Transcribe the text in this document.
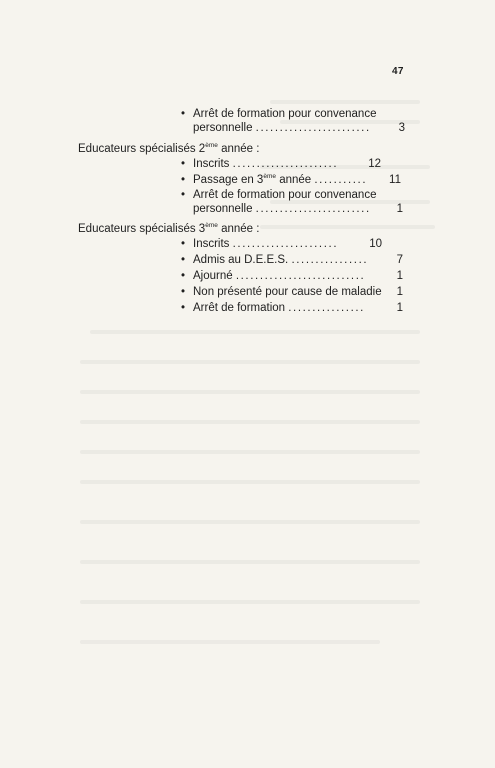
47
• Arrêt de formation pour convenance
personnelle ........................	3
Educateurs spécialisés 2ème année :
• Inscrits ......................	12
• Passage en 3ème année ...........	11
• Arrêt de formation pour convenance
personnelle ........................	1
Educateurs spécialisés 3ème année :
• Inscrits ......................	10
• Admis au D.E.E.S. ................	7
• Ajourné ...........................	1
• Non présenté pour cause de maladie	1
• Arrêt de formation ................	1
